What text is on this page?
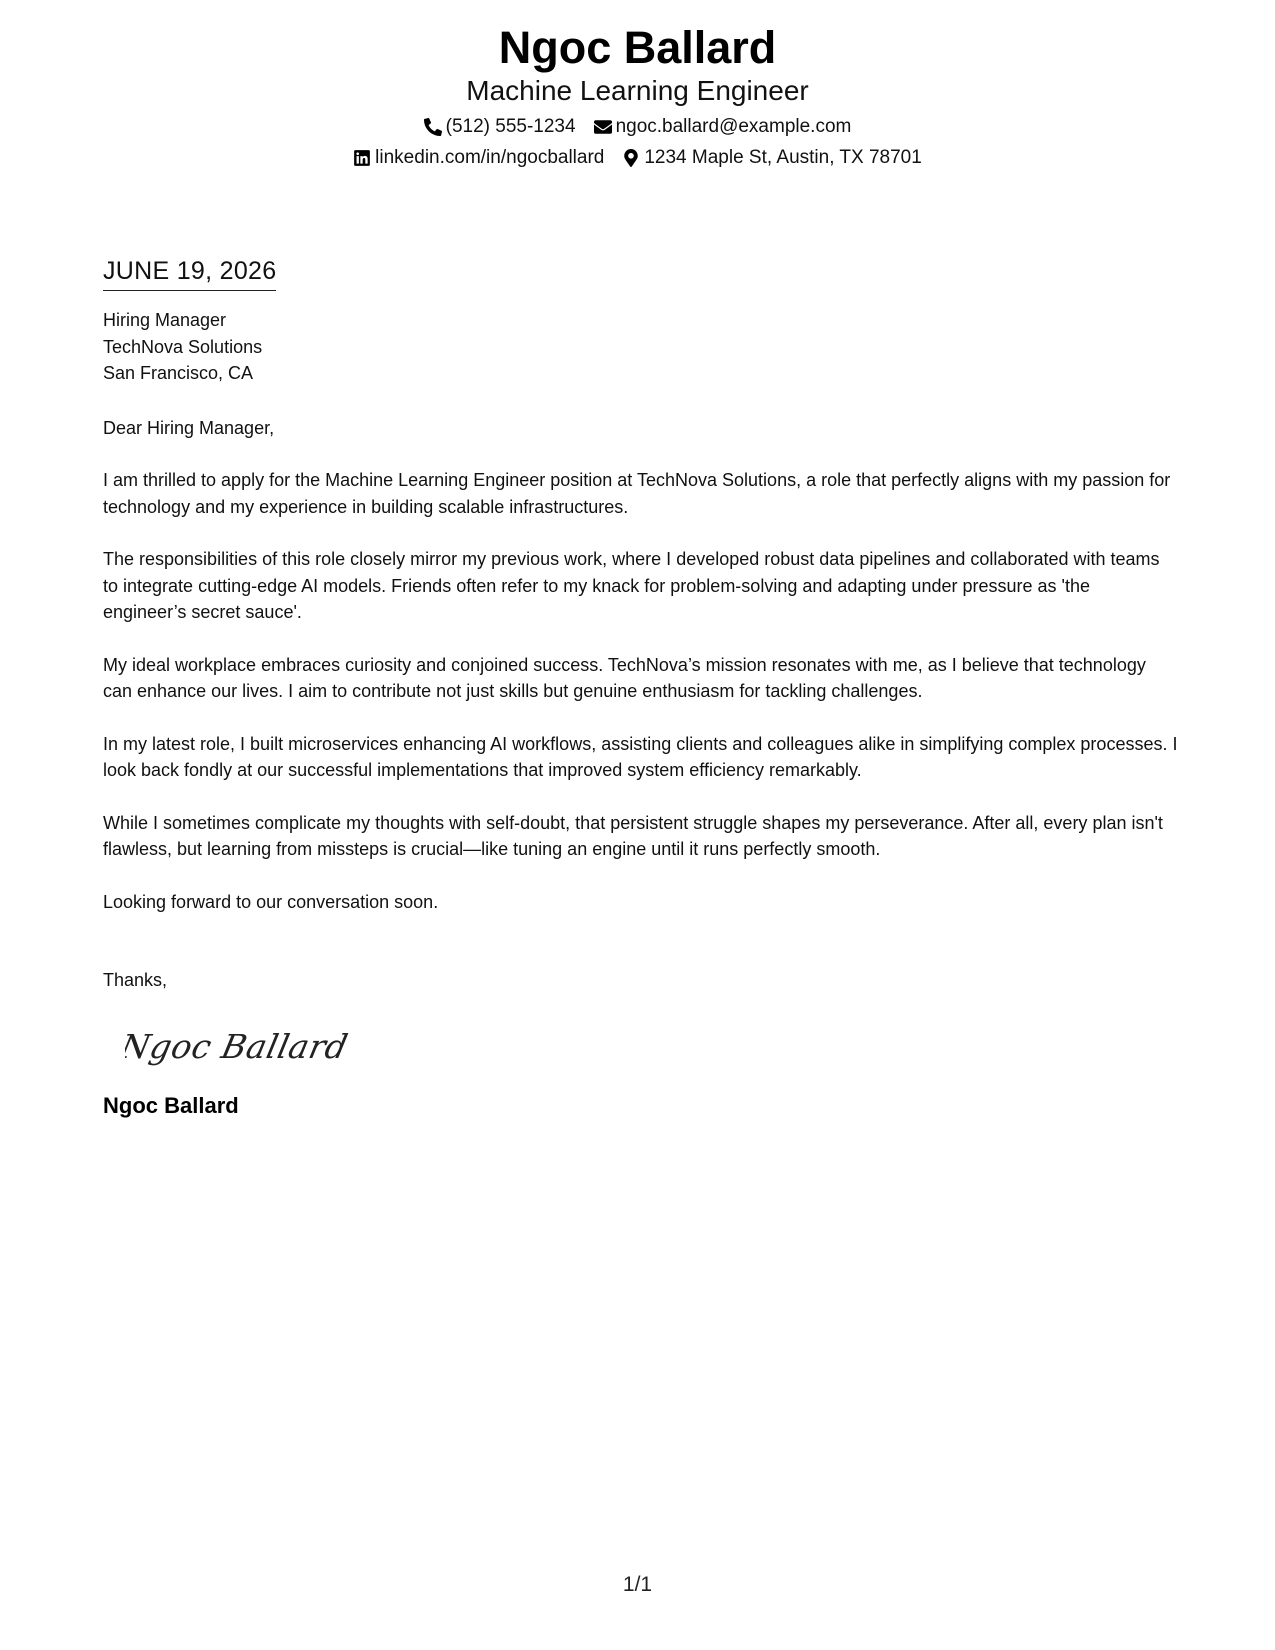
Ngoc Ballard
Machine Learning Engineer
(512) 555-1234 ngoc.ballard@example.com
linkedin.com/in/ngocballard 1234 Maple St, Austin, TX 78701
JUNE 19, 2026
Hiring Manager
TechNova Solutions
San Francisco, CA
Dear Hiring Manager,
I am thrilled to apply for the Machine Learning Engineer position at TechNova Solutions, a role that perfectly aligns with my passion for technology and my experience in building scalable infrastructures.
The responsibilities of this role closely mirror my previous work, where I developed robust data pipelines and collaborated with teams to integrate cutting-edge AI models. Friends often refer to my knack for problem-solving and adapting under pressure as 'the engineer’s secret sauce'.
My ideal workplace embraces curiosity and conjoined success. TechNova’s mission resonates with me, as I believe that technology can enhance our lives. I aim to contribute not just skills but genuine enthusiasm for tackling challenges.
In my latest role, I built microservices enhancing AI workflows, assisting clients and colleagues alike in simplifying complex processes. I look back fondly at our successful implementations that improved system efficiency remarkably.
While I sometimes complicate my thoughts with self-doubt, that persistent struggle shapes my perseverance. After all, every plan isn't flawless, but learning from missteps is crucial—like tuning an engine until it runs perfectly smooth.
Looking forward to our conversation soon.
Thanks,
Ngoc Ballard
Ngoc Ballard
1/1
